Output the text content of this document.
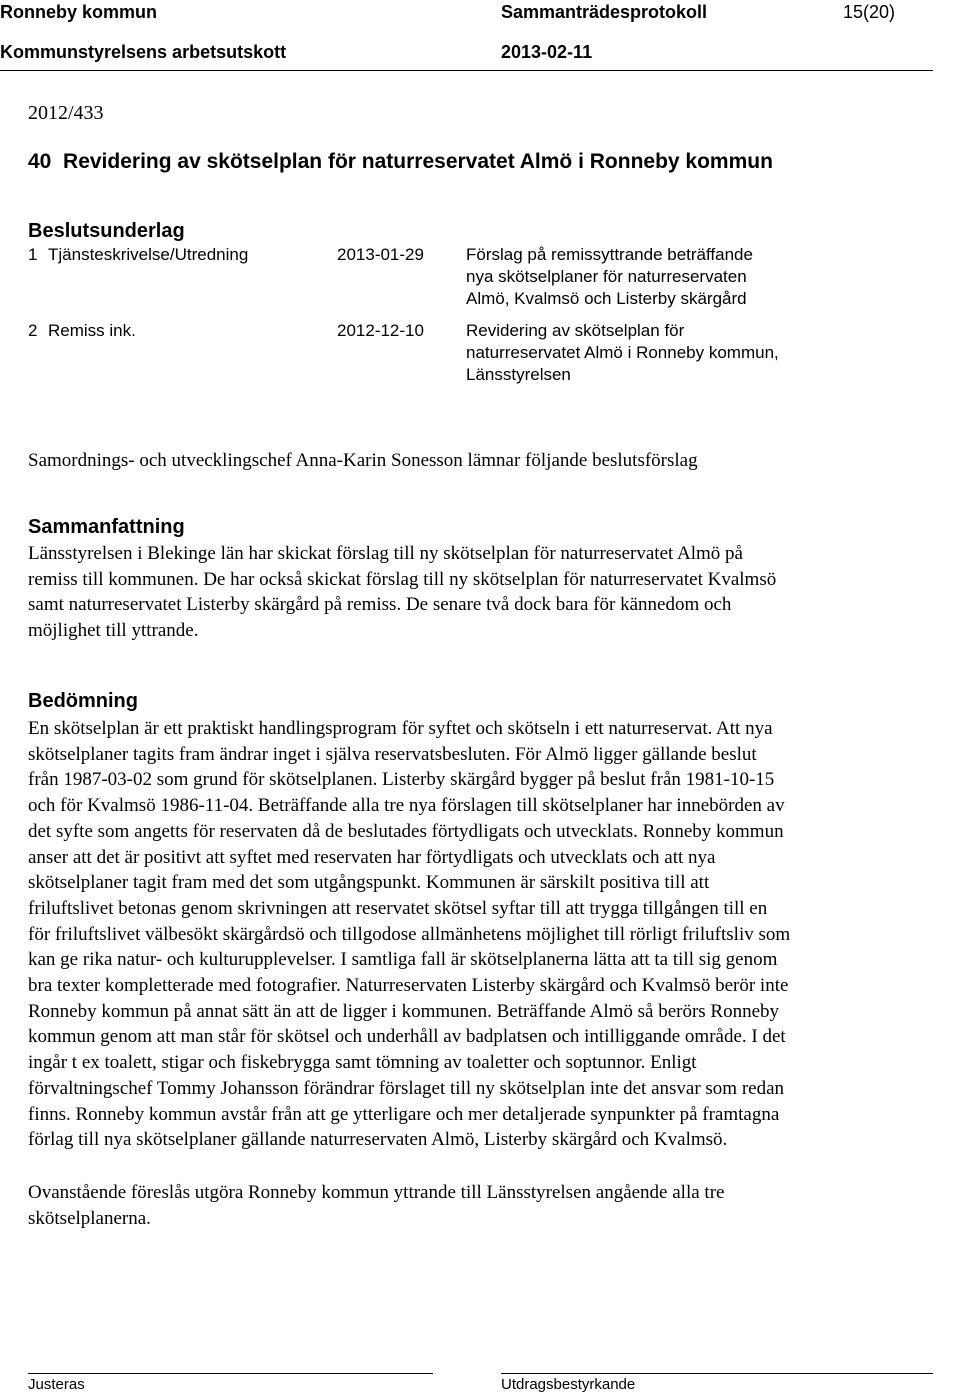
Ronneby kommun	Sammanträdesprotokoll	15(20)
Kommunstyrelsens arbetsutskott	2013-02-11
2012/433
40 Revidering av skötselplan för naturreservatet Almö i Ronneby kommun
Beslutsunderlag
1 Tjänsteskrivelse/Utredning	2013-01-29 Förslag på remissyttrande beträffande
nya skötselplaner för naturreservaten
Almö, Kvalmsö och Listerby skärgård
2 Remiss ink.	2012-12-10 Revidering av skötselplan för
naturreservatet Almö i Ronneby kommun,
Länsstyrelsen
Samordnings- och utvecklingschef Anna-Karin Sonesson lämnar följande beslutsförslag
Sammanfattning
Länsstyrelsen i Blekinge län har skickat förslag till ny skötselplan för naturreservatet Almö på
remiss till kommunen. De har också skickat förslag till ny skötselplan för naturreservatet Kvalmsö
samt naturreservatet Listerby skärgård på remiss. De senare två dock bara för kännedom och
möjlighet till yttrande.
Bedömning
En skötselplan är ett praktiskt handlingsprogram för syftet och skötseln i ett naturreservat. Att nya
skötselplaner tagits fram ändrar inget i själva reservatsbesluten. För Almö ligger gällande beslut
från 1987-03-02 som grund för skötselplanen. Listerby skärgård bygger på beslut från 1981-10-15
och för Kvalmsö 1986-11-04. Beträffande alla tre nya förslagen till skötselplaner har innebörden av
det syfte som angetts för reservaten då de beslutades förtydligats och utvecklats. Ronneby kommun
anser att det är positivt att syftet med reservaten har förtydligats och utvecklats och att nya
skötselplaner tagit fram med det som utgångspunkt. Kommunen är särskilt positiva till att
friluftslivet betonas genom skrivningen att reservatet skötsel syftar till att trygga tillgången till en
för friluftslivet välbesökt skärgårdsö och tillgodose allmänhetens möjlighet till rörligt friluftsliv som
kan ge rika natur- och kulturupplevelser. I samtliga fall är skötselplanerna lätta att ta till sig genom
bra texter kompletterade med fotografier. Naturreservaten Listerby skärgård och Kvalmsö berör inte
Ronneby kommun på annat sätt än att de ligger i kommunen. Beträffande Almö så berörs Ronneby
kommun genom att man står för skötsel och underhåll av badplatsen och intilliggande område. I det
ingår t ex toalett, stigar och fiskebrygga samt tömning av toaletter och soptunnor. Enligt
förvaltningschef Tommy Johansson förändrar förslaget till ny skötselplan inte det ansvar som redan
finns. Ronneby kommun avstår från att ge ytterligare och mer detaljerade synpunkter på framtagna
förlag till nya skötselplaner gällande naturreservaten Almö, Listerby skärgård och Kvalmsö.
Ovanstående föreslås utgöra Ronneby kommun yttrande till Länsstyrelsen angående alla tre
skötselplanerna.
Justeras	Utdragsbestyrkande
